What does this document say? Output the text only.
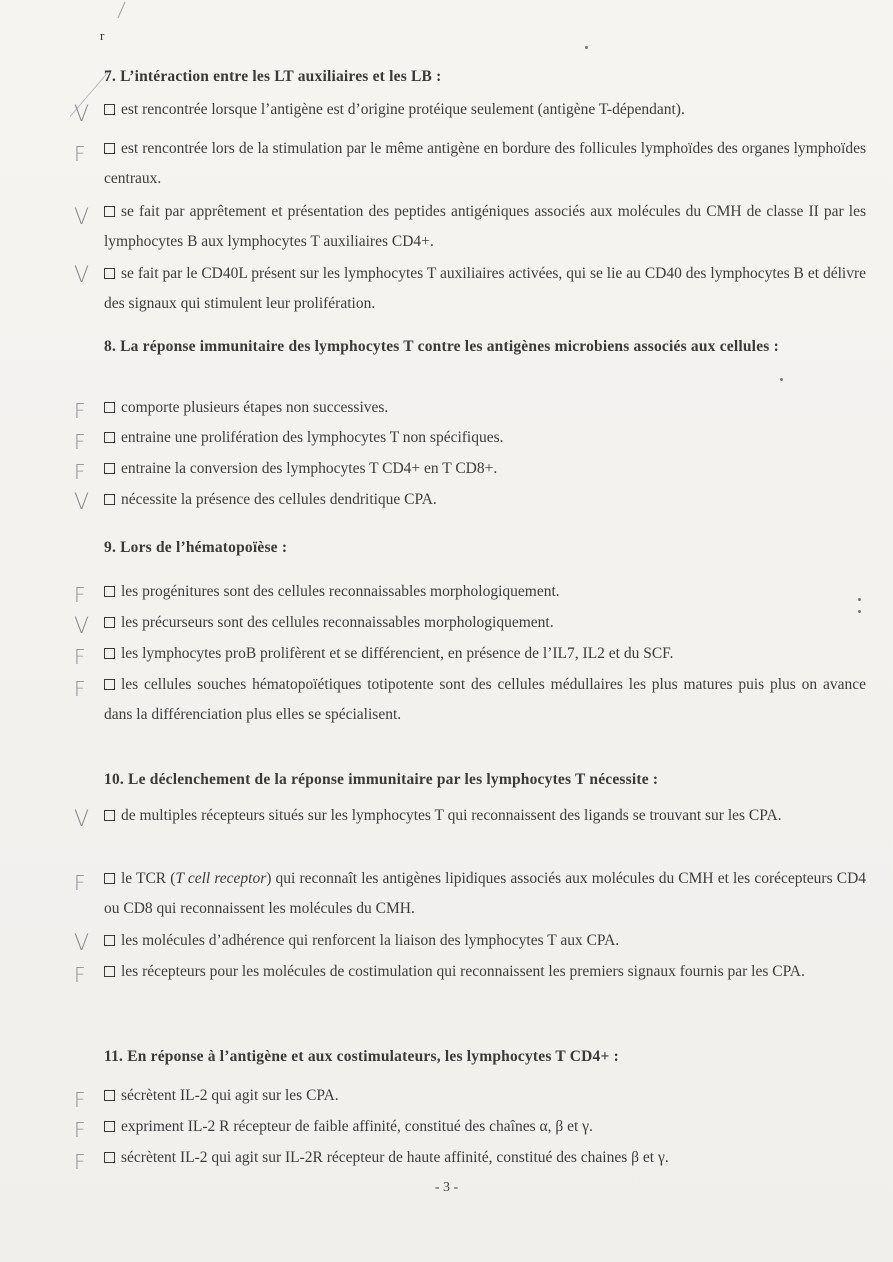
r
7. L’intéraction entre les LT auxiliaires et les LB :
V	est rencontrée lorsque l’antigène est d’origine protéique seulement (antigène T-dépendant).
F	est rencontrée lors de la stimulation par le même antigène en bordure des follicules lymphoïdes des organes lymphoïdes centraux.
V	se fait par apprêtement et présentation des peptides antigéniques associés aux molécules du CMH de classe II par les lymphocytes B aux lymphocytes T auxiliaires CD4+.
V	se fait par le CD40L présent sur les lymphocytes T auxiliaires activées, qui se lie au CD40 des lymphocytes B et délivre des signaux qui stimulent leur prolifération.
8. La réponse immunitaire des lymphocytes T contre les antigènes microbiens associés aux cellules :
F	comporte plusieurs étapes non successives.
F	entraine une prolifération des lymphocytes T non spécifiques.
F	entraine la conversion des lymphocytes T CD4+ en T CD8+.
V	nécessite la présence des cellules dendritique CPA.
9. Lors de l’hématopoïèse :
F	les progénitures sont des cellules reconnaissables morphologiquement.
V	les précurseurs sont des cellules reconnaissables morphologiquement.
F	les lymphocytes proB prolifèrent et se différencient, en présence de l’IL7, IL2 et du SCF.
F	les cellules souches hématopoïétiques totipotente sont des cellules médullaires les plus matures puis plus on avance dans la différenciation plus elles se spécialisent.
10. Le déclenchement de la réponse immunitaire par les lymphocytes T nécessite :
V	de multiples récepteurs situés sur les lymphocytes T qui reconnaissent des ligands se trouvant sur les CPA.
F	le TCR (T cell receptor) qui reconnaît les antigènes lipidiques associés aux molécules du CMH et les corécepteurs CD4 ou CD8 qui reconnaissent les molécules du CMH.
V	les molécules d’adhérence qui renforcent la liaison des lymphocytes T aux CPA.
F	les récepteurs pour les molécules de costimulation qui reconnaissent les premiers signaux fournis par les CPA.
11. En réponse à l’antigène et aux costimulateurs, les lymphocytes T CD4+ :
F	sécrètent IL-2 qui agit sur les CPA.
F	expriment IL-2 R récepteur de faible affinité, constitué des chaînes α, β et γ.
F	sécrètent IL-2 qui agit sur IL-2R récepteur de haute affinité, constitué des chaines β et γ.
- 3 -
